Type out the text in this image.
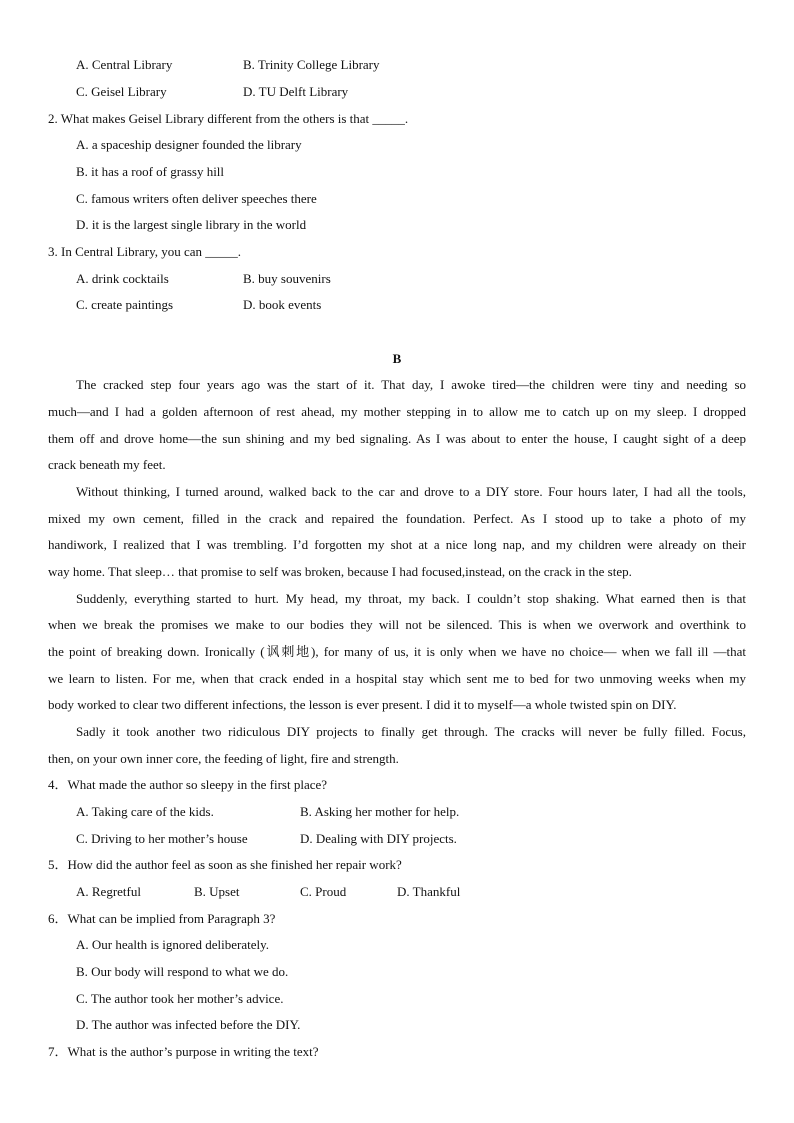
A. Central Library	B. Trinity College Library
C. Geisel Library	D. TU Delft Library
2. What makes Geisel Library different from the others is that _____.
A. a spaceship designer founded the library
B. it has a roof of grassy hill
C. famous writers often deliver speeches there
D. it is the largest single library in the world
3. In Central Library, you can _____.
A. drink cocktails	B. buy souvenirs
C. create paintings	D. book events
B
The cracked step four years ago was the start of it. That day, I awoke tired—the children were tiny and needing so
much—and I had a golden afternoon of rest ahead, my mother stepping in to allow me to catch up on my sleep. I dropped
them off and drove home—the sun shining and my bed signaling. As I was about to enter the house, I caught sight of a deep
crack beneath my feet.
Without thinking, I turned around, walked back to the car and drove to a DIY store. Four hours later, I had all the tools,
mixed my own cement, filled in the crack and repaired the foundation. Perfect. As I stood up to take a photo of my
handiwork, I realized that I was trembling. I’d forgotten my shot at a nice long nap, and my children were already on their
way home. That sleep… that promise to self was broken, because I had focused,instead, on the crack in the step.
Suddenly, everything started to hurt. My head, my throat, my back. I couldn’t stop shaking. What earned then is that
when we break the promises we make to our bodies they will not be silenced. This is when we overwork and overthink to
the point of breaking down. Ironically (讽刺地), for many of us, it is only when we have no choice— when we fall ill —that
we learn to listen. For me, when that crack ended in a hospital stay which sent me to bed for two unmoving weeks when my
body worked to clear two different infections, the lesson is ever present. I did it to myself—a whole twisted spin on DIY.
Sadly it took another two ridiculous DIY projects to finally get through. The cracks will never be fully filled. Focus,
then, on your own inner core, the feeding of light, fire and strength.
4．What made the author so sleepy in the first place?
A. Taking care of the kids.	B. Asking her mother for help.
C. Driving to her mother’s house	D. Dealing with DIY projects.
5．How did the author feel as soon as she finished her repair work?
A. Regretful	B. Upset	C. Proud	D. Thankful
6．What can be implied from Paragraph 3?
A. Our health is ignored deliberately.
B. Our body will respond to what we do.
C. The author took her mother’s advice.
D. The author was infected before the DIY.
7．What is the author’s purpose in writing the text?
